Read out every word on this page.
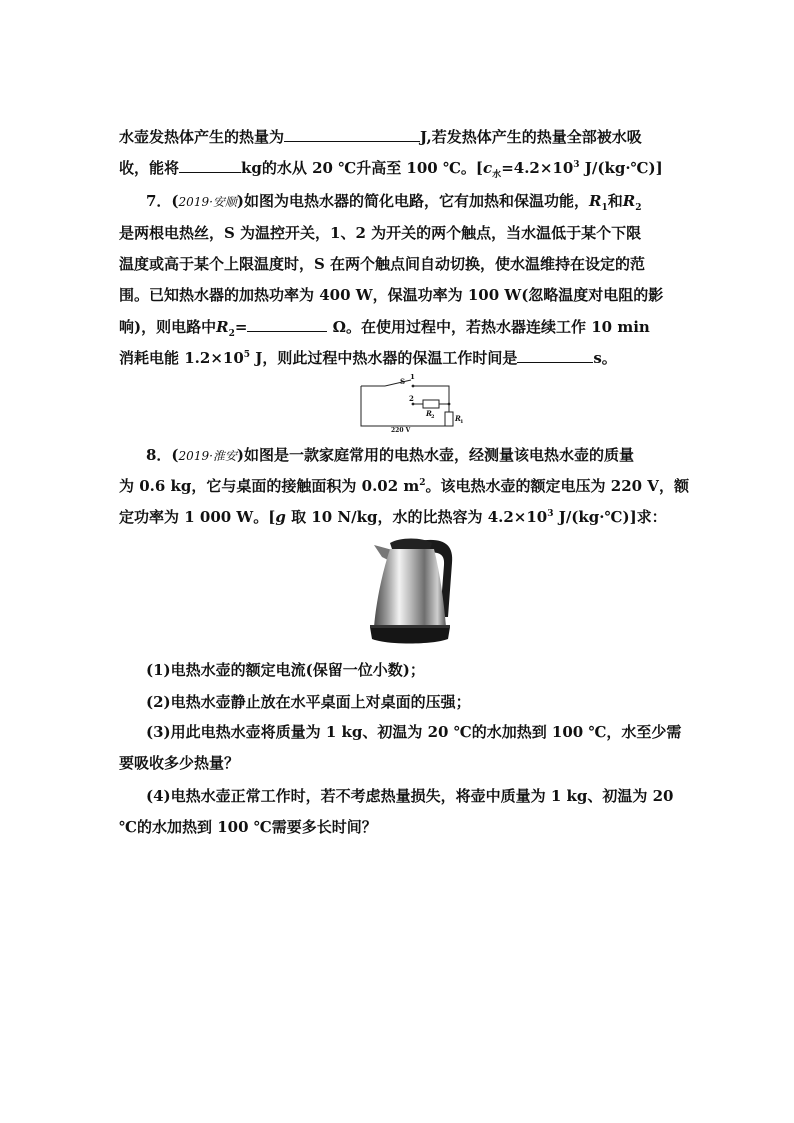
水壶发热体产生的热量为	J,若发热体产生的热量全部被水吸
收，能将	kg的水从 20 ℃升高至 100 ℃。[$c_水=4.2\times 10^3$ J/(kg·℃)]
7．(2019·安顺)如图为电热水器的简化电路，它有加热和保温功能，$R_1$和$R_2$
是两根电热丝，S 为温控开关，1、2 为开关的两个触点，当水温低于某个下限
温度或高于某个上限温度时，S 在两个触点间自动切换，使水温维持在设定的范
围。已知热水器的加热功率为 400 W，保温功率为 100 W(忽略温度对电阻的影
响)，则电路中$R_2=$	Ω。在使用过程中，若热水器连续工作 10 min
消耗电能 $1.2\times 10^5$ J，则此过程中热水器的保温工作时间是	s。
S
1
2
R 2	R 1
220 V
8．(2019·淮安)如图是一款家庭常用的电热水壶，经测量该电热水壶的质量
为 0.6 kg，它与桌面的接触面积为 0.02 $m^2$。该电热水壶的额定电压为 220 V，额
定功率为 1 000 W。[g 取 10 N/kg，水的比热容为 $4.2\times 10^3$ J/(kg·℃)]求：
(1)电热水壶的额定电流(保留一位小数)；
(2)电热水壶静止放在水平桌面上对桌面的压强；
(3)用此电热水壶将质量为 1 kg、初温为 20 ℃的水加热到 100 ℃，水至少需
要吸收多少热量？
(4)电热水壶正常工作时，若不考虑热量损失，将壶中质量为 1 kg、初温为 20
℃的水加热到 100 ℃需要多长时间？
